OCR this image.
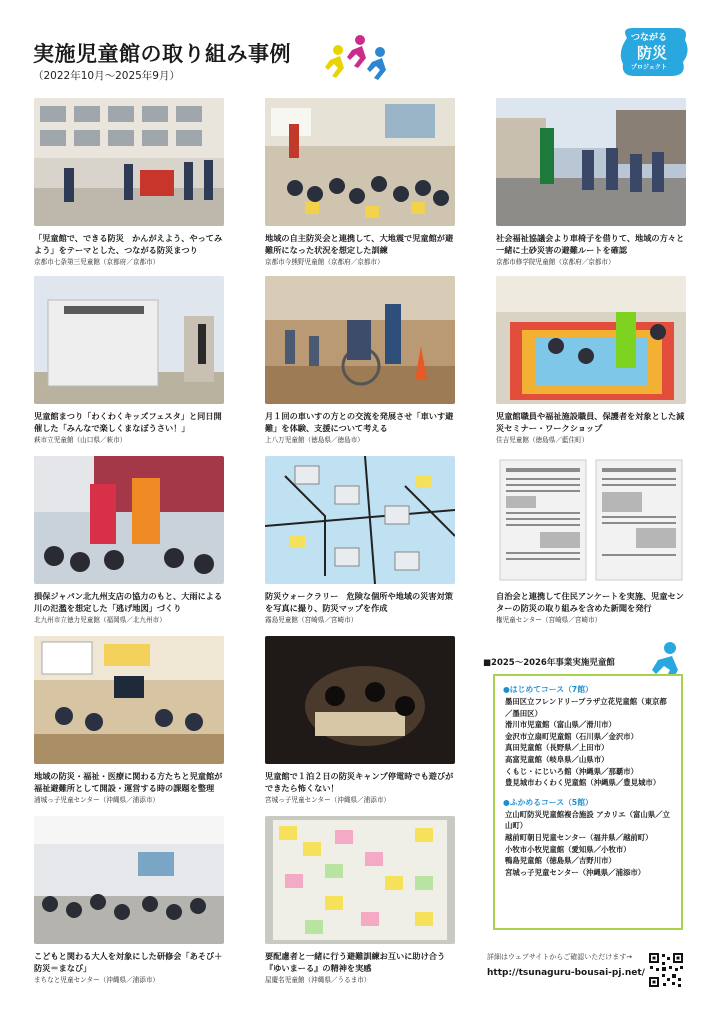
実施児童館の取り組み事例
（2022年10月～2025年9月）
つながる
防災
プロジェクト
「児童館で、できる防災　かんがえよう、やってみよう」をテーマとした、つながる防災まつり
京都市七条第三児童館（京都府／京都市）
地域の自主防災会と連携して、大地震で児童館が避難所になった状況を想定した訓練
京都市今熊野児童館（京都府／京都市）
社会福祉協議会より車椅子を借りて、地域の方々と一緒に土砂災害の避難ルートを確認
京都市修学院児童館（京都府／京都市）
児童館まつり「わくわくキッズフェスタ」と同日開催した「みんなで楽しくまなぼうさい！」
萩市立児童館（山口県／萩市）
月１回の車いすの方との交流を発展させ「車いす避難」を体験、支援について考える
上八万児童館（徳島県／徳島市）
児童館職員や福祉施設職員、保護者を対象とした減災セミナー・ワークショップ
住吉児童館（徳島県／藍住町）
損保ジャパン北九州支店の協力のもと、大雨による川の氾濫を想定した「逃げ地図」づくり
北九州市立徳力児童館（福岡県／北九州市）
防災ウォークラリー　危険な個所や地域の災害対策を写真に撮り、防災マップを作成
霧島児童館（宮崎県／宮崎市）
自治会と連携して住民アンケートを実施、児童センターの防災の取り組みを含めた新聞を発行
権児童センター（宮崎県／宮崎市）
地域の防災・福祉・医療に関わる方たちと児童館が福祉避難所として開設・運営する時の課題を整理
浦城っ子児童センター（沖縄県／浦添市）
児童館で１泊２日の防災キャンプ停電時でも遊びができたら怖くない！
宮城っ子児童センター（沖縄県／浦添市）
こどもと関わる大人を対象にした研修会「あそび＋防災＝まなび」
まちなと児童センター（沖縄県／浦添市）
要配慮者と一緒に行う避難訓練お互いに助け合う『ゆいまーる』の精神を実感
屋慶名児童館（沖縄県／うるま市）
■2025～2026年事業実施児童館
●はじめてコース（7館）
墨田区立フレンドリープラザ立花児童館（東京都／墨田区）
滑川市児童館（富山県／滑川市）
金沢市立扇町児童館（石川県／金沢市）
真田児童館（長野県／上田市）
高富児童館（岐阜県／山県市）
くもじ・にじいろ館（沖縄県／那覇市）
豊見城市わくわく児童館（沖縄県／豊見城市）
●ふかめるコース（5館）
立山町防災児童館複合施設 アカリエ（富山県／立山町）
越前町朝日児童センター（福井県／越前町）
小牧市小牧児童館（愛知県／小牧市）
鴨島児童館（徳島県／吉野川市）
宮城っ子児童センター（沖縄県／浦添市）
詳細はウェブサイトからご確認いただけます→
http://tsunaguru-bousai-pj.net/
